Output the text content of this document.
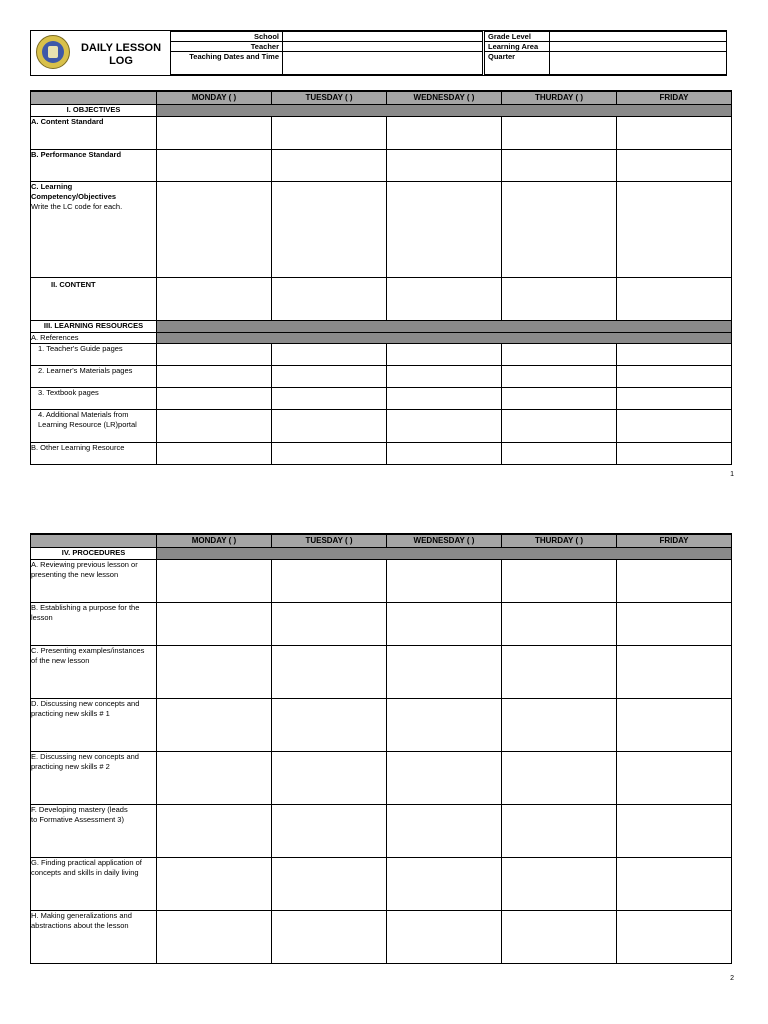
DAILY LESSON
LOG
School	
Teacher	
Teaching Dates and Time	
Grade Level	
Learning Area	
Quarter	
	MONDAY ( )	TUESDAY ( )	WEDNESDAY ( )	THURDAY ( )	FRIDAY
I. OBJECTIVES					
A. Content Standard					
B. Performance Standard					
C. Learning Competency/Objectives
Write the LC code for each.					
II. CONTENT					
III. LEARNING RESOURCES					
A. References					

1. Teacher's Guide pages					

2. Learner's Materials pages					

3. Textbook pages					

4. Additional Materials from Learning Resource (LR)portal					

B. Other Learning Resource					
1
	MONDAY ( )	TUESDAY ( )	WEDNESDAY ( )	THURDAY ( )	FRIDAY
IV. PROCEDURES					
A. Reviewing previous lesson or presenting the new lesson					
B. Establishing a purpose for the lesson					
C. Presenting examples/instances of the new lesson					
D. Discussing new concepts and practicing new skills # 1					
E. Discussing new concepts and practicing new skills # 2					
F. Developing mastery (leads to Formative Assessment 3)					
G. Finding practical application of concepts and skills in daily living					
H. Making generalizations and abstractions about the lesson					
2
